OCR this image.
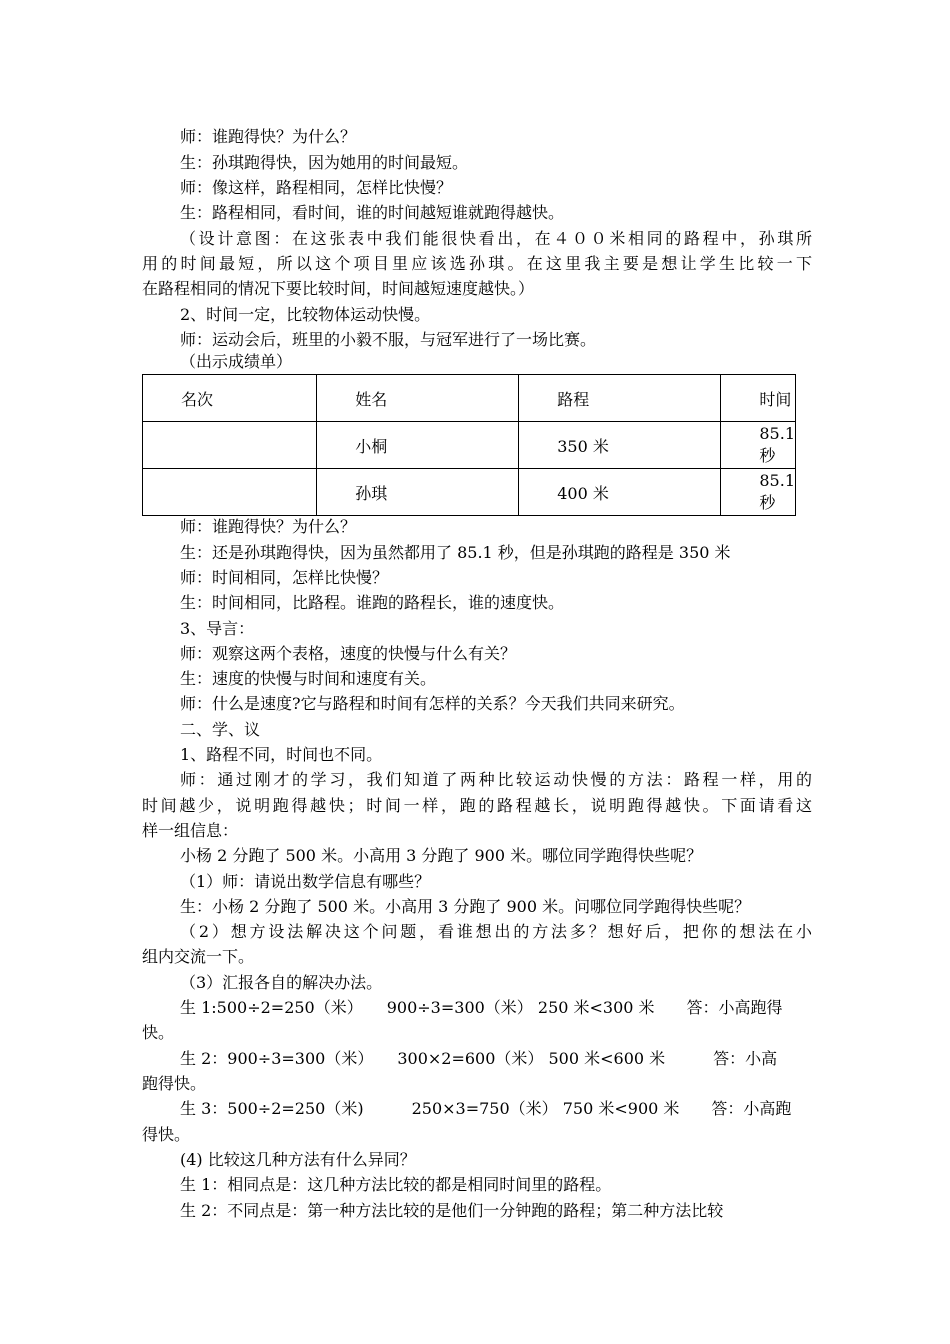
师：谁跑得快？为什么？
生：孙琪跑得快，因为她用的时间最短。
师：像这样，路程相同，怎样比快慢？
生：路程相同，看时间，谁的时间越短谁就跑得越快。
（设计意图：在这张表中我们能很快看出，在４００米相同的路程中，孙琪所
用的时间最短，所以这个项目里应该选孙琪。在这里我主要是想让学生比较一下
在路程相同的情况下要比较时间，时间越短速度越快。）
2、时间一定，比较物体运动快慢。
师：运动会后，班里的小毅不服，与冠军进行了一场比赛。
（出示成绩单）
名次	姓名	路程	时间
	小桐	350 米	85.1 秒
	孙琪	400 米	85.1 秒
师：谁跑得快？为什么？
生：还是孙琪跑得快，因为虽然都用了 85.1 秒，但是孙琪跑的路程是 350 米
师：时间相同，怎样比快慢？
生：时间相同，比路程。谁跑的路程长，谁的速度快。
3、导言：
师：观察这两个表格，速度的快慢与什么有关？
生：速度的快慢与时间和速度有关。
师：什么是速度?它与路程和时间有怎样的关系？今天我们共同来研究。
二、学、议
1、路程不同，时间也不同。
师：通过刚才的学习，我们知道了两种比较运动快慢的方法：路程一样，用的
时间越少，说明跑得越快；时间一样，跑的路程越长，说明跑得越快。下面请看这
样一组信息：
小杨 2 分跑了 500 米。小高用 3 分跑了 900 米。哪位同学跑得快些呢？
（1）师：请说出数学信息有哪些？
生：小杨 2 分跑了 500 米。小高用 3 分跑了 900 米。问哪位同学跑得快些呢？
（2）想方设法解决这个问题，看谁想出的方法多？想好后，把你的想法在小
组内交流一下。
（3）汇报各自的解决办法。
生 1:500÷2=250（米）　　900÷3=300（米） 250 米<300 米　　答：小高跑得
快。
生 2：900÷3=300（米）　　300×2=600（米） 500 米<600 米　　　答：小高
跑得快。
生 3：500÷2=250（米)　　　250×3=750（米） 750 米<900 米　　答：小高跑
得快。
(4) 比较这几种方法有什么异同？
生 1：相同点是：这几种方法比较的都是相同时间里的路程。
生 2：不同点是：第一种方法比较的是他们一分钟跑的路程；第二种方法比较
